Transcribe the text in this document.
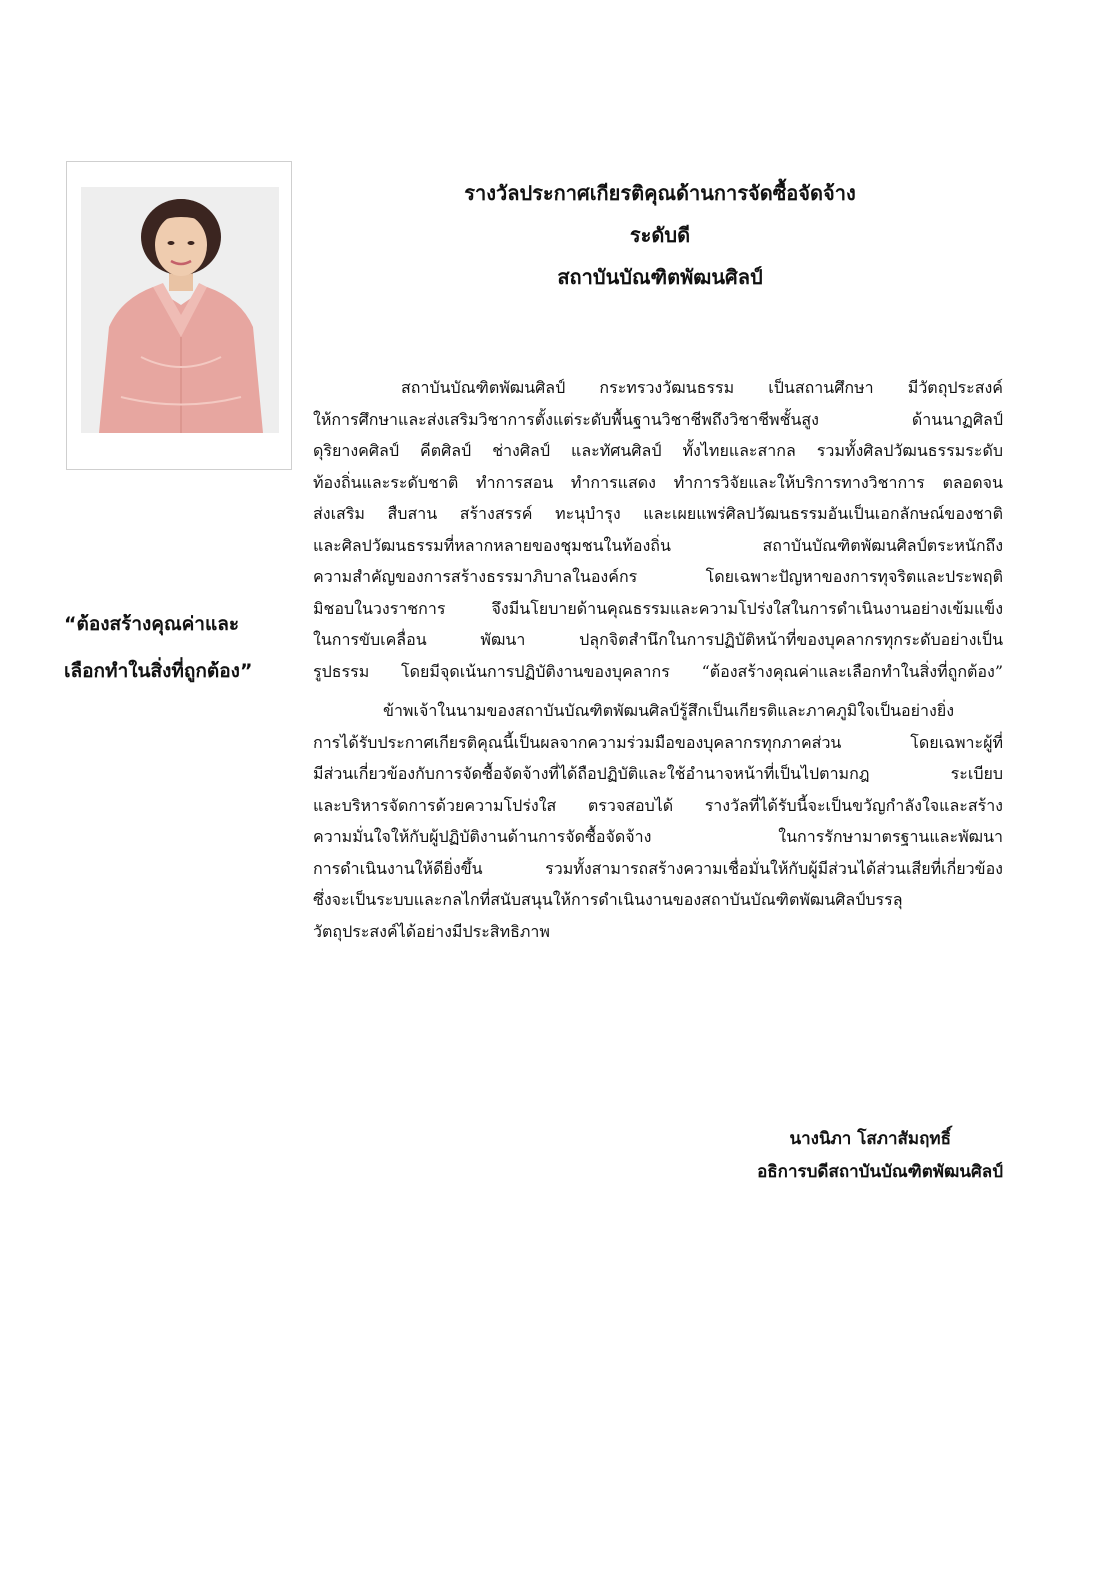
รางวัลประกาศเกียรติคุณด้านการจัดซื้อจัดจ้าง
ระดับดี
สถาบันบัณฑิตพัฒนศิลป์
“ต้องสร้างคุณค่าและ
เลือกทำในสิ่งที่ถูกต้อง”
สถาบันบัณฑิตพัฒนศิลป์ กระทรวงวัฒนธรรม เป็นสถานศึกษา มีวัตถุประสงค์
ให้การศึกษาและส่งเสริมวิชาการตั้งแต่ระดับพื้นฐานวิชาชีพถึงวิชาชีพชั้นสูง ด้านนาฏศิลป์
ดุริยางคศิลป์ คีตศิลป์ ช่างศิลป์ และทัศนศิลป์ ทั้งไทยและสากล รวมทั้งศิลปวัฒนธรรมระดับ
ท้องถิ่นและระดับชาติ ทำการสอน ทำการแสดง ทำการวิจัยและให้บริการทางวิชาการ ตลอดจน
ส่งเสริม สืบสาน สร้างสรรค์ ทะนุบำรุง และเผยแพร่ศิลปวัฒนธรรมอันเป็นเอกลักษณ์ของชาติ
และศิลปวัฒนธรรมที่หลากหลายของชุมชนในท้องถิ่น สถาบันบัณฑิตพัฒนศิลป์ตระหนักถึง
ความสำคัญของการสร้างธรรมาภิบาลในองค์กร โดยเฉพาะปัญหาของการทุจริตและประพฤติ
มิชอบในวงราชการ จึงมีนโยบายด้านคุณธรรมและความโปร่งใสในการดำเนินงานอย่างเข้มแข็ง
ในการขับเคลื่อน พัฒนา ปลุกจิตสำนึกในการปฏิบัติหน้าที่ของบุคลากรทุกระดับอย่างเป็น
รูปธรรม โดยมีจุดเน้นการปฏิบัติงานของบุคลากร “ต้องสร้างคุณค่าและเลือกทำในสิ่งที่ถูกต้อง”
ข้าพเจ้าในนามของสถาบันบัณฑิตพัฒนศิลป์รู้สึกเป็นเกียรติและภาคภูมิใจเป็นอย่างยิ่ง
การได้รับประกาศเกียรติคุณนี้เป็นผลจากความร่วมมือของบุคลากรทุกภาคส่วน โดยเฉพาะผู้ที่
มีส่วนเกี่ยวข้องกับการจัดซื้อจัดจ้างที่ได้ถือปฏิบัติและใช้อำนาจหน้าที่เป็นไปตามกฎ ระเบียบ
และบริหารจัดการด้วยความโปร่งใส ตรวจสอบได้ รางวัลที่ได้รับนี้จะเป็นขวัญกำลังใจและสร้าง
ความมั่นใจให้กับผู้ปฏิบัติงานด้านการจัดซื้อจัดจ้าง ในการรักษามาตรฐานและพัฒนา
การดำเนินงานให้ดียิ่งขึ้น รวมทั้งสามารถสร้างความเชื่อมั่นให้กับผู้มีส่วนได้ส่วนเสียที่เกี่ยวข้อง
ซึ่งจะเป็นระบบและกลไกที่สนับสนุนให้การดำเนินงานของสถาบันบัณฑิตพัฒนศิลป์บรรลุ
วัตถุประสงค์ได้อย่างมีประสิทธิภาพ
นางนิภา โสภาสัมฤทธิ์
อธิการบดีสถาบันบัณฑิตพัฒนศิลป์
